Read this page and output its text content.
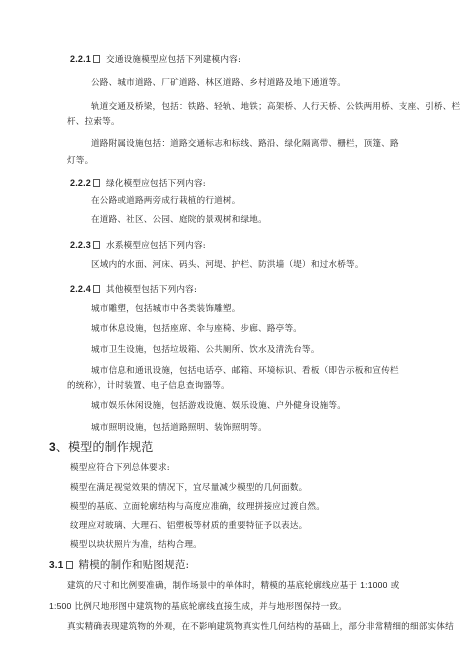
2.2.1 交通设施模型应包括下列建模内容:
公路、城市道路、厂矿道路、林区道路、乡村道路及地下通道等。
轨道交通及桥梁，包括：铁路、轻轨、地铁；高架桥、人行天桥、公铁两用桥、支座、引桥、栏
杆、拉索等。
道路附属设施包括：道路交通标志和标线、路沿、绿化隔离带、栅栏，顶篷、路
灯等。
2.2.2 绿化模型应包括下列内容:
在公路或道路两旁成行栽植的行道树。
在道路、社区、公园、庭院的景观树和绿地。
2.2.3 水系模型应包括下列内容:
区域内的水面、河床、码头、河堤、护栏、防洪墙（堤）和过水桥等。
2.2.4 其他模型包括下列内容:
城市雕塑，包括城市中各类装饰雕塑。
城市休息设施，包括座席、伞与座椅、步廊、路亭等。
城市卫生设施，包括垃圾箱、公共厕所、饮水及清洗台等。
城市信息和通讯设施，包括电话亭、邮箱、环境标识、看板（即告示板和宣传栏
的统称），计时装置、电子信息查询器等。
城市娱乐休闲设施，包括游戏设施、娱乐设施、户外健身设施等。
城市照明设施，包括道路照明、装饰照明等。
3、模型的制作规范
模型应符合下列总体要求:
模型在满足视觉效果的情况下，宜尽量减少模型的几何面数。
模型的基底、立面轮廓结构与高度应准确，纹理拼接应过渡自然。
纹理应对玻璃、大理石、铝塑板等材质的重要特征予以表达。
模型以块状照片为准，结构合理。
3.1 精模的制作和贴图规范:
建筑的尺寸和比例要准确，制作场景中的单体时，精模的基底轮廓线应基于 1:1000 或
1:500 比例尺地形图中建筑物的基底轮廓线直接生成，并与地形图保持一致。
真实精确表现建筑物的外观，在不影响建筑物真实性几何结构的基础上，部分非常精细的细部实体结
